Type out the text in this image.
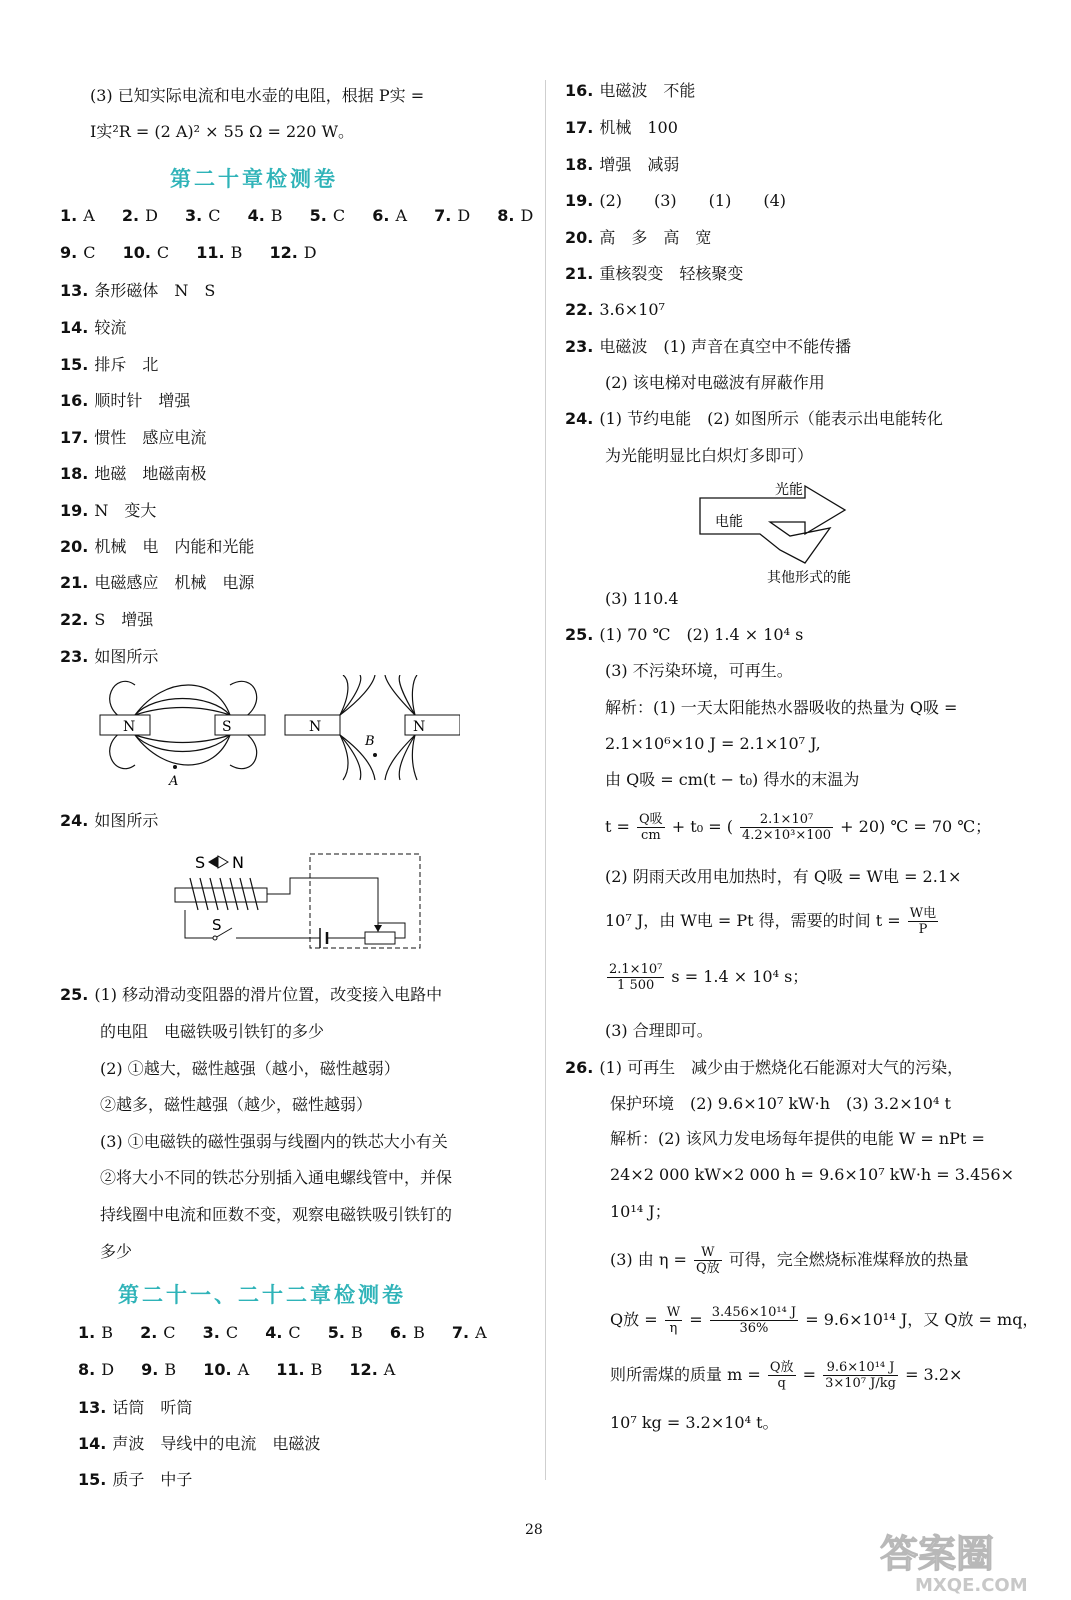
(3) 已知实际电流和电水壶的电阻，根据 P实 =
I实²R = (2 A)² × 55 Ω = 220 W。
第二十章检测卷
1. A 2. D 3. C 4. B 5. C 6. A 7. D 8. D
9. C 10. C 11. B 12. D
13. 条形磁体　N　S
14. 较流
15. 排斥　北
16. 顺时针　增强
17. 惯性　感应电流
18. 地磁　地磁南极
19. N　变大
20. 机械　电　内能和光能
21. 电磁感应　机械　电源
22. S　增强
23. 如图所示
N	S
A
N	N
B
24. 如图所示
S N
S
25. (1) 移动滑动变阻器的滑片位置，改变接入电路中
的电阻　电磁铁吸引铁钉的多少
(2) ①越大，磁性越强（越小，磁性越弱）
②越多，磁性越强（越少，磁性越弱）
(3) ①电磁铁的磁性强弱与线圈内的铁芯大小有关
②将大小不同的铁芯分别插入通电螺线管中，并保
持线圈中电流和匝数不变，观察电磁铁吸引铁钉的
多少
第二十一、二十二章检测卷
1. B 2. C 3. C 4. C 5. B 6. B 7. A
8. D 9. B 10. A 11. B 12. A
13. 话筒　听筒
14. 声波　导线中的电流　电磁波
15. 质子　中子
16. 电磁波　不能
17. 机械　100
18. 增强　减弱
19. (2)　　(3)　　(1)　　(4)
20. 高　多　高　宽
21. 重核裂变　轻核聚变
22. 3.6×10⁷
23. 电磁波　(1) 声音在真空中不能传播
(2) 该电梯对电磁波有屏蔽作用
24. (1) 节约电能　(2) 如图所示（能表示出电能转化
为光能明显比白炽灯多即可）
光能
电能
其他形式的能
(3) 110.4
25. (1) 70 ℃　(2) 1.4 × 10⁴ s
(3) 不污染环境，可再生。
解析：(1) 一天太阳能热水器吸收的热量为 Q吸 =
2.1×10⁶×10 J = 2.1×10⁷ J,
由 Q吸 = cm(t − t₀) 得水的末温为
$t = \frac{\text{Q吸}}{cm} + t_0$ = ( $\frac{\text{2.1×10⁷}}{\text{4.2×10³×100}} + 20$) ℃ = 70 ℃；
(2) 阴雨天改用电加热时，有 Q吸 = W电 = 2.1×
10⁷ J，由 W电 = Pt 得，需要的时间 $t = \frac{\text{W电}}{P}$
$\frac{\text{2.1×10⁷}}{1 500}$ s = 1.4 × 10⁴ s；
(3) 合理即可。
26. (1) 可再生　减少由于燃烧化石能源对大气的污染，
保护环境　(2) 9.6×10⁷ kW·h　(3) 3.2×10⁴ t
解析：(2) 该风力发电场每年提供的电能 W = nPt =
24×2 000 kW×2 000 h = 9.6×10⁷ kW·h = 3.456×
10¹⁴ J；
(3) 由 $\eta = \frac{W}{\text{Q放}}$ 可得，完全燃烧标准煤释放的热量
Q放 = $\frac{W}{\eta} = \frac{\text{3.456×10¹⁴ J}}{36\%} = 9.6\times 10^{14}$ J，又 Q放 = mq，
则所需煤的质量 $m = \frac{\text{Q放}}{q} = \frac{\text{9.6×10¹⁴ J}}{\text{3×10⁷ J/kg}} = 3.2\times$
10⁷ kg = 3.2×10⁴ t。
28
答案圈
MXQE.COM
